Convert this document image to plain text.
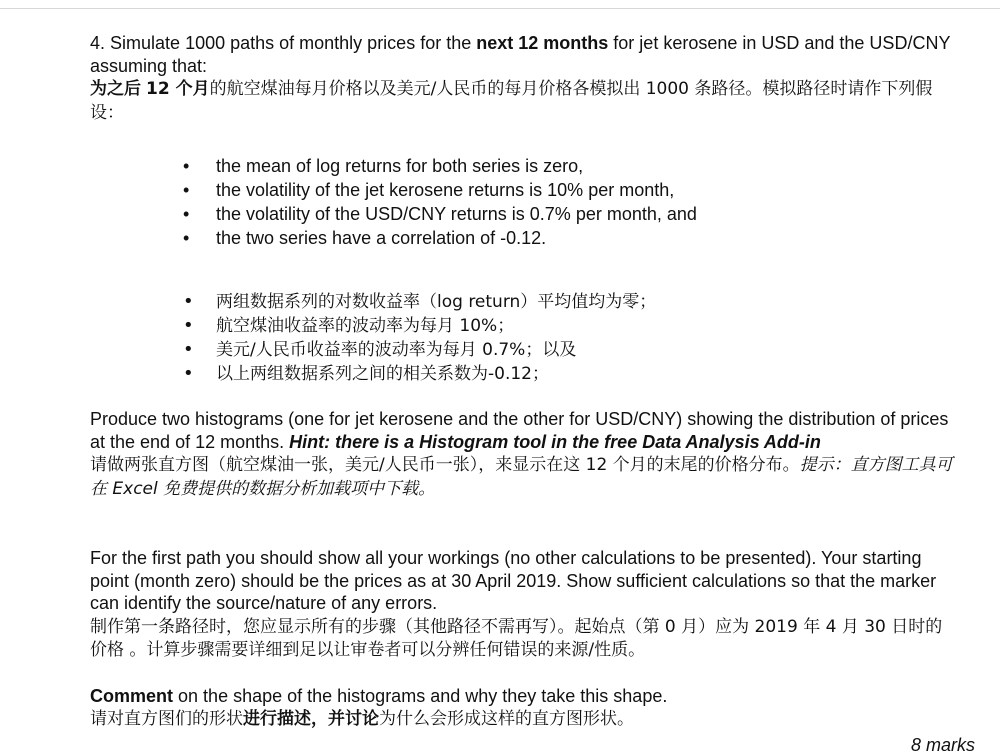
4. Simulate 1000 paths of monthly prices for the next 12 months for jet kerosene in USD and the USD/CNY assuming that:
为之后 12 个月的航空煤油每月价格以及美元/人民币的每月价格各模拟出 1000 条路径。模拟路径时请作下列假设：

• the mean of log returns for both series is zero,
• the volatility of the jet kerosene returns is 10% per month,
• the volatility of the USD/CNY returns is 0.7% per month, and
• the two series have a correlation of -0.12.
• 两组数据系列的对数收益率（log return）平均值均为零；
• 航空煤油收益率的波动率为每月 10%；
• 美元/人民币收益率的波动率为每月 0.7%；以及
• 以上两组数据系列之间的相关系数为-0.12；

Produce two histograms (one for jet kerosene and the other for USD/CNY) showing the distribution of prices at the end of 12 months. Hint: there is a Histogram tool in the free Data Analysis Add-in
请做两张直方图（航空煤油一张，美元/人民币一张），来显示在这 12 个月的末尾的价格分布。提示：直方图工具可在 Excel 免费提供的数据分析加载项中下载。

For the first path you should show all your workings (no other calculations to be presented). Your starting point (month zero) should be the prices as at 30 April 2019. Show sufficient calculations so that the marker can identify the source/nature of any errors.
制作第一条路径时，您应显示所有的步骤（其他路径不需再写）。起始点（第 0 月）应为 2019 年 4 月 30 日时的价格 。计算步骤需要详细到足以让审卷者可以分辨任何错误的来源/性质。

Comment on the shape of the histograms and why they take this shape.
请对直方图们的形状进行描述，并讨论为什么会形成这样的直方图形状。

8 marks
